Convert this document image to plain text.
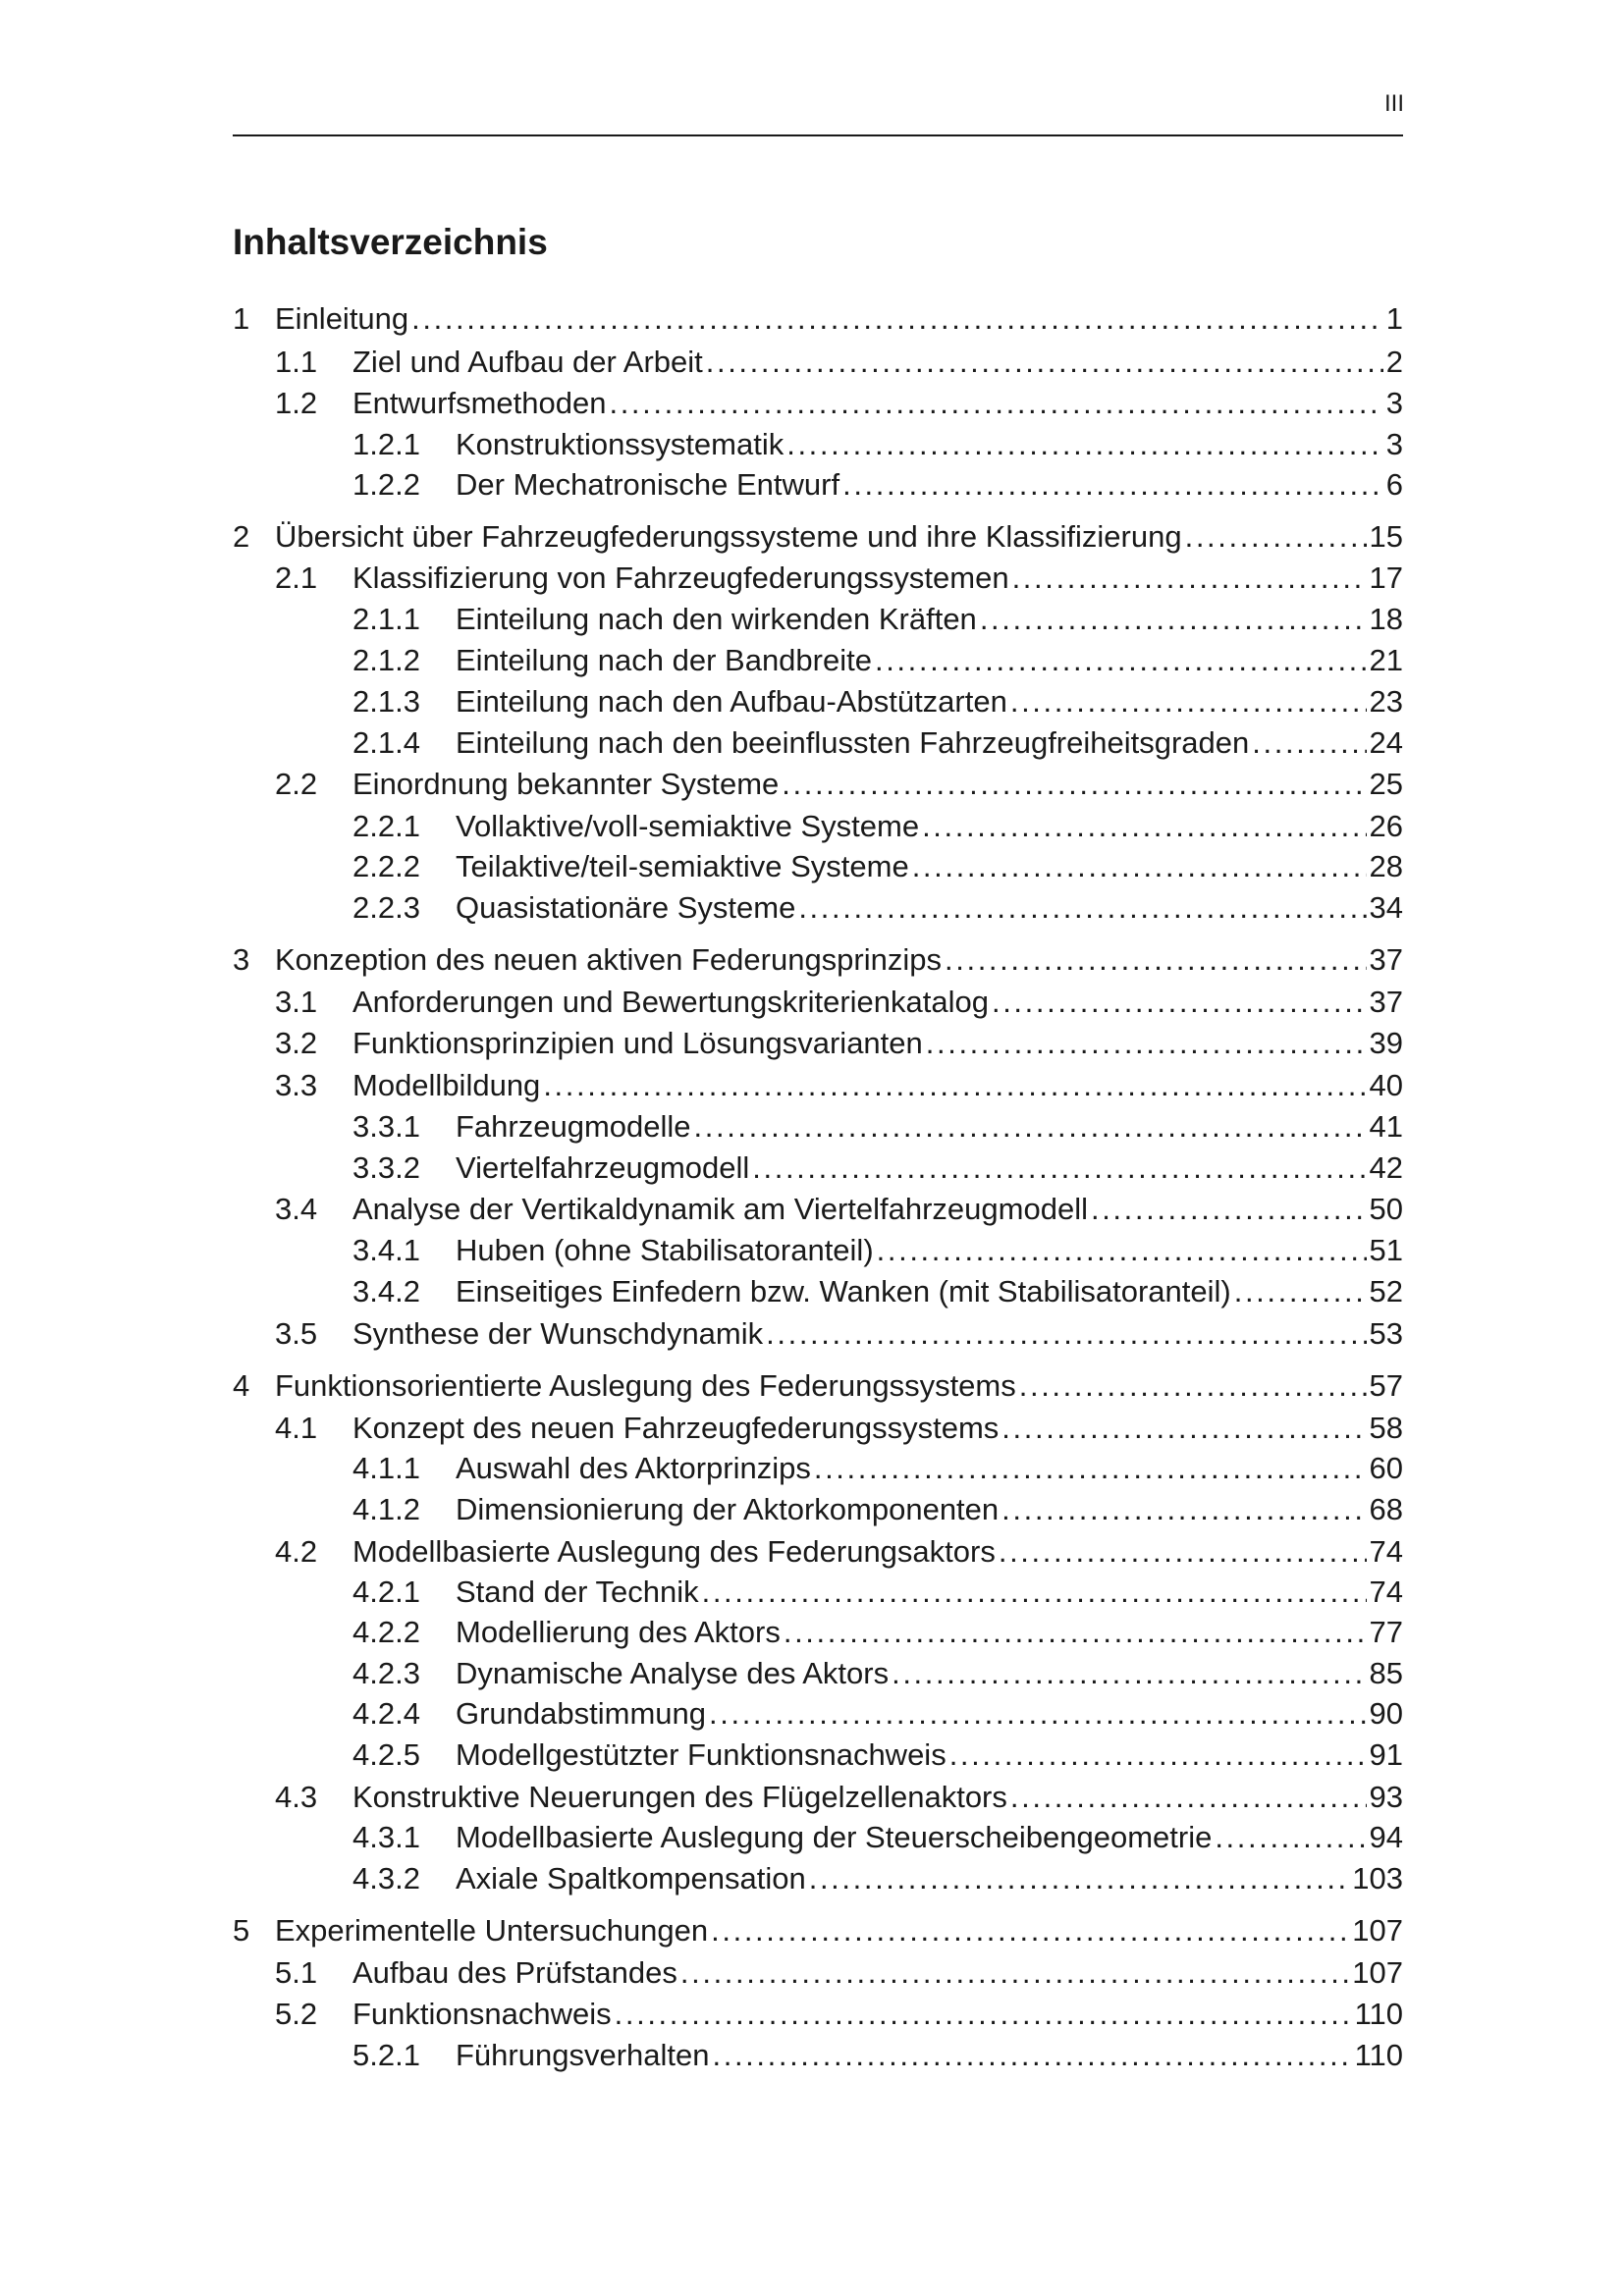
III
Inhaltsverzeichnis
1 Einleitung . . .	1
1.1	Ziel und Aufbau der Arbeit . . .	2
1.2	Entwurfsmethoden . . .	3
1.2.1	Konstruktionssystematik . . .	3
1.2.2	Der Mechatronische Entwurf . . .	6
2 Übersicht über Fahrzeugfederungssysteme und ihre Klassifizierung . . .	15
2.1	Klassifizierung von Fahrzeugfederungssystemen . . .	17
2.1.1	Einteilung nach den wirkenden Kräften . . .	18
2.1.2	Einteilung nach der Bandbreite . . .	21
2.1.3	Einteilung nach den Aufbau-Abstützarten . . .	23
2.1.4	Einteilung nach den beeinflussten Fahrzeugfreiheitsgraden . . .	24
2.2	Einordnung bekannter Systeme . . .	25
2.2.1	Vollaktive/voll-semiaktive Systeme . . .	26
2.2.2	Teilaktive/teil-semiaktive Systeme . . .	28
2.2.3	Quasistationäre Systeme . . .	34
3 Konzeption des neuen aktiven Federungsprinzips . . .	37
3.1	Anforderungen und Bewertungskriterienkatalog . . .	37
3.2	Funktionsprinzipien und Lösungsvarianten . . .	39
3.3	Modellbildung . . .	40
3.3.1	Fahrzeugmodelle . . .	41
3.3.2	Viertelfahrzeugmodell . . .	42
3.4	Analyse der Vertikaldynamik am Viertelfahrzeugmodell . . .	50
3.4.1	Huben (ohne Stabilisatoranteil) . . .	51
3.4.2	Einseitiges Einfedern bzw. Wanken (mit Stabilisatoranteil) . . .	52
3.5	Synthese der Wunschdynamik . . .	53
4 Funktionsorientierte Auslegung des Federungssystems . . .	57
4.1	Konzept des neuen Fahrzeugfederungssystems . . .	58
4.1.1	Auswahl des Aktorprinzips . . .	60
4.1.2	Dimensionierung der Aktorkomponenten . . .	68
4.2	Modellbasierte Auslegung des Federungsaktors . . .	74
4.2.1	Stand der Technik . . .	74
4.2.2	Modellierung des Aktors . . .	77
4.2.3	Dynamische Analyse des Aktors . . .	85
4.2.4	Grundabstimmung . . .	90
4.2.5	Modellgestützter Funktionsnachweis . . .	91
4.3	Konstruktive Neuerungen des Flügelzellenaktors . . .	93
4.3.1	Modellbasierte Auslegung der Steuerscheibengeometrie . . .	94
4.3.2	Axiale Spaltkompensation . . .	103
5 Experimentelle Untersuchungen . . .	107
5.1	Aufbau des Prüfstandes . . .	107
5.2	Funktionsnachweis . . .	110
5.2.1	Führungsverhalten . . .	110
